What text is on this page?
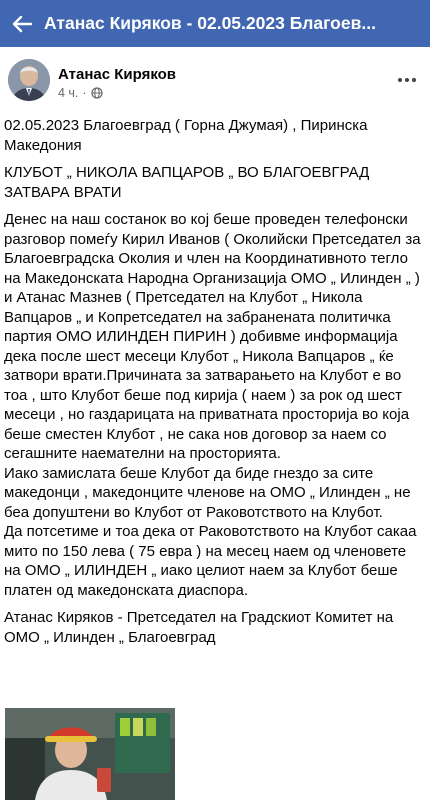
Атанас Киряков - 02.05.2023 Благоев...
Атанас Киряков
4 ч. ·

02.05.2023 Благоевград ( Горна Джумая) , Пиринска Македония

КЛУБОТ „ НИКОЛА ВАПЦАРОВ „ ВО БЛАГОЕВГРАД ЗАТВАРА ВРАТИ

Денес на наш состанок во кој беше проведен телефонски разговор помеѓу Кирил Иванов ( Околийски Претседател за Благоевградска Околия и член на Координативното тегло на Македонската Народна Организација ОМО „ Илинден „ ) и Атанас Мазнев ( Претседател на Клубот „ Никола Вапцаров „ и Копретседател на забранената политичка партия ОМО ИЛИНДЕН ПИРИН ) добивме информација дека после шест месеци Клубот „ Никола Вапцаров „ ќе затвори врати.Причината за затварањето на Клубот е во тоа , што Клубот беше под кирија ( наем ) за рок од шест месеци , но газдарицата на приватната просторија во која беше сместен Клубот , не сака нов договор за наем со сегашните наемателни на просторията.

Иако замислата беше Клубот да биде гнездо за сите македонци , македонците членове на ОМО „ Илинден „ не беа допуштени во Клубот от Раковотството на Клубот.

Да потсетиме и тоа дека от Раковотството на Клубот сакаа мито по 150 лева ( 75 евра ) на месец наем од членовете на ОМО „ ИЛИНДЕН „ иако целиот наем за Клубот беше платен од македонската диаспора.

Атанас Киряков - Претседател на Градскиот Комитет на ОМО „ Илинден „ Благоевград
